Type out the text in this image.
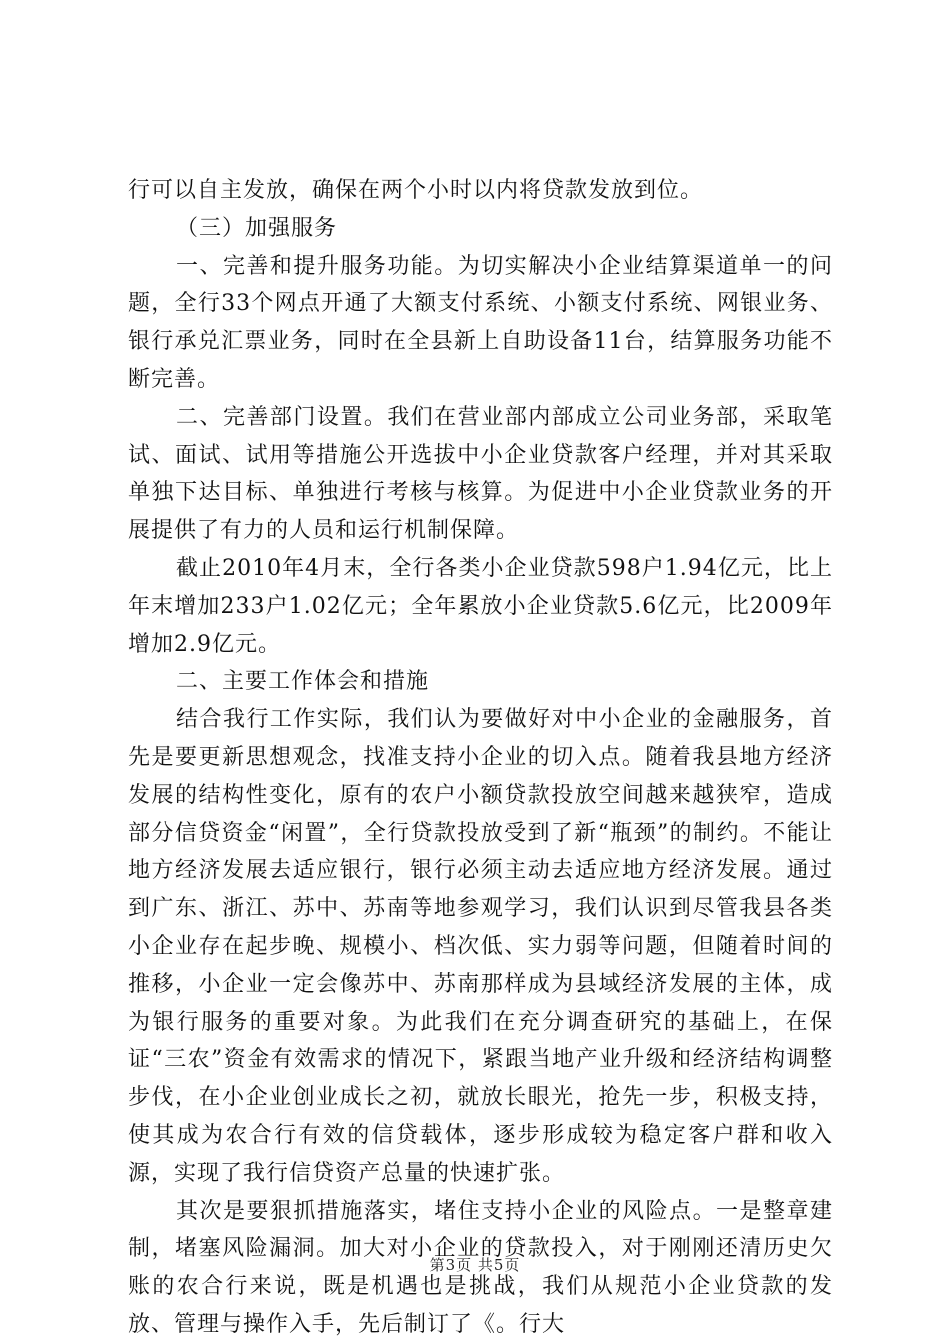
行可以自主发放，确保在两个小时以内将贷款发放到位。

（三）加强服务

一、完善和提升服务功能。为切实解决小企业结算渠道单一的问题，全行33个网点开通了大额支付系统、小额支付系统、网银业务、银行承兑汇票业务，同时在全县新上自助设备11台，结算服务功能不断完善。

二、完善部门设置。我们在营业部内部成立公司业务部，采取笔试、面试、试用等措施公开选拔中小企业贷款客户经理，并对其采取单独下达目标、单独进行考核与核算。为促进中小企业贷款业务的开展提供了有力的人员和运行机制保障。

截止2010年4月末，全行各类小企业贷款598户1.94亿元，比上年末增加233户1.02亿元；全年累放小企业贷款5.6亿元，比2009年增加2.9亿元。

二、主要工作体会和措施

结合我行工作实际，我们认为要做好对中小企业的金融服务，首先是要更新思想观念，找准支持小企业的切入点。随着我县地方经济发展的结构性变化，原有的农户小额贷款投放空间越来越狭窄，造成部分信贷资金“闲置”，全行贷款投放受到了新“瓶颈”的制约。不能让地方经济发展去适应银行，银行必须主动去适应地方经济发展。通过到广东、浙江、苏中、苏南等地参观学习，我们认识到尽管我县各类小企业存在起步晚、规模小、档次低、实力弱等问题，但随着时间的推移，小企业一定会像苏中、苏南那样成为县域经济发展的主体，成为银行服务的重要对象。为此我们在充分调查研究的基础上，在保证“三农”资金有效需求的情况下，紧跟当地产业升级和经济结构调整步伐，在小企业创业成长之初，就放长眼光，抢先一步，积极支持，使其成为农合行有效的信贷载体，逐步形成较为稳定客户群和收入源，实现了我行信贷资产总量的快速扩张。

其次是要狠抓措施落实，堵住支持小企业的风险点。一是整章建制，堵塞风险漏洞。加大对小企业的贷款投入，对于刚刚还清历史欠账的农合行来说，既是机遇也是挑战，我们从规范小企业贷款的发放、管理与操作入手，先后制订了《。行大

第3页 共5页
